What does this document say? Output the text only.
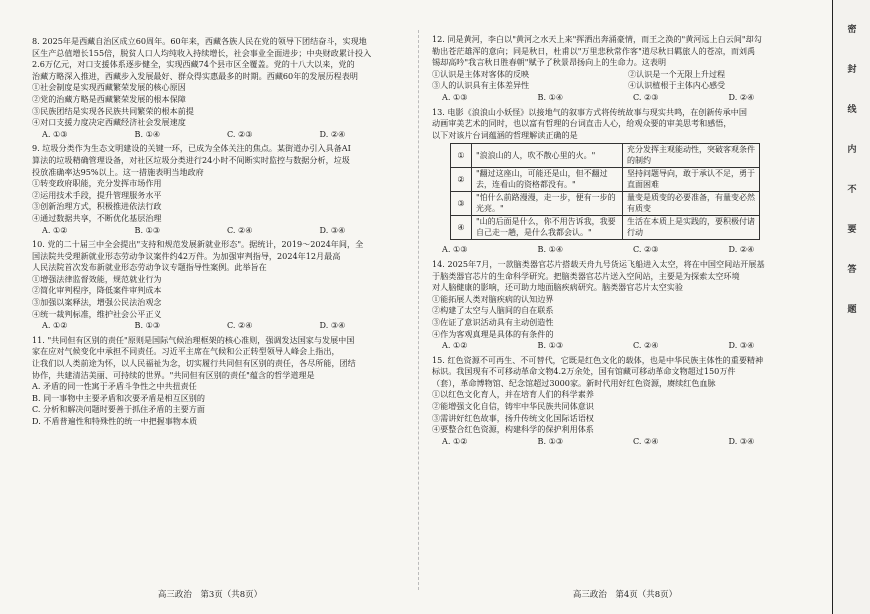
8. 2025年是西藏自治区成立60周年。60年来，西藏各族人民在党的领导下团结奋斗，实现地
区生产总值增长155倍，脱贫人口人均纯收入持续增长，社会事业全面进步；中央财政累计投入
2.6万亿元，对口支援体系逐步健全，实现西藏74个县市区全覆盖。党的十八大以来，党的
治藏方略深入推进，西藏步入发展最好、群众得实惠最多的时期。西藏60年的发展历程表明
①社会制度是实现西藏繁荣发展的核心原因
②党的治藏方略是西藏繁荣发展的根本保障
③民族团结是实现各民族共同繁荣的根本前提
④对口支援力度决定西藏经济社会发展速度
A. ①③	B. ①④	C. ②③	D. ②④
9. 垃圾分类作为生态文明建设的关键一环，已成为全体关注的焦点。某街道办引入具备AI
算法的垃圾精确管理设备，对社区垃圾分类进行24小时不间断实时监控与数据分析，垃圾
投放准确率达95%以上。这一措施表明当地政府
①转变政府职能，充分发挥市场作用
②运用技术手段，提升管理服务水平
③创新治理方式，积极推进依法行政
④通过数据共享，不断优化基层治理
A. ①②	B. ①③	C. ②④	D. ③④
10. 党的二十届三中全会提出"支持和规范发展新就业形态"。据统计，2019～2024年间，全
国法院共受理新就业形态劳动争议案件约42万件。为加强审判指导，2024年12月最高
人民法院首次发布新就业形态劳动争议专题指导性案例。此举旨在
①增强法律监督效能，规范就业行为
②简化审判程序，降低案件审判成本
③加强以案释法，增强公民法治观念
④统一裁判标准，维护社会公平正义
A. ①②	B. ①③	C. ②④	D. ③④
11. "共同但有区别的责任"原则是国际气候治理框架的核心准则，强调发达国家与发展中国
家在应对气候变化中承担不同责任。习近平主席在气候和公正转型领导人峰会上指出，
让我们以人类前途为怀，以人民福祉为念，切实履行共同但有区别的责任，各尽所能，团结
协作，共建清洁美丽、可持续的世界。"共同但有区别的责任"蕴含的哲学道理是
A. 矛盾的同一性寓于矛盾斗争性之中共扭责任
B. 同一事物中主要矛盾和次要矛盾是相互区别的
C. 分析和解决问题时要善于抓住矛盾的主要方面
D. 不盾普遍性和特殊性的统一中把握事物本质
高三政治　第3页（共8页）
12. 同是黄河，李白以"黄河之水天上来"挥洒出奔涌豪情，而王之涣的"黄河远上白云间"却勾
勒出苍茫雄浑的意向；同是秋日，杜甫以"万里悲秋常作客"道尽秋日羁旅人的苍凉，而刘禹
锡却高吟"我言秋日胜春朝"赋予了秋景昂扬向上的生命力。这表明
①认识是主体对客体的反映	②认识是一个无限上升过程
③人的认识具有主体差异性	④认识植根于主体内心感受
A. ①③	B. ①④	C. ②③	D. ②④
13. 电影《浪浪山小妖怪》以接地气的叙事方式将传统故事与现实共鸣，在创新传承中国
动画审美艺术的同时，也以富有哲理的台词直击人心，给观众要的审美思考和感悟，
以下对该片台词蕴涵的哲理解读正确的是
①	"浪浪山的人，吹不散心里的火。"	充分发挥主观能动性，突破客观条件的制约
②	"翻过这座山，可能还是山，但不翻过去，连看山的资格都没有。"	坚持问题导向，敢于承认不足，勇于直面困难
③	"怕什么前路漫漫，走一步，便有一步的光亮。"	量变是质变的必要准备，有量变必然有质变
④	"山的后面是什么，你不用告诉我，我要自己走一趟，是什么我都会认。"	生活在本质上是实践的，要积极付诸行动
A. ①③	B. ①④	C. ②③	D. ②④
14. 2025年7月，一款脑类器官芯片搭载天舟九号货运飞船进入太空，将在中国空间站开展基
于脑类器官芯片的生命科学研究。把脑类器官芯片送入空间站，主要是为探索太空环境
对人脑健康的影响，还可助力地面脑疾病研究。脑类器官芯片太空实验
①能拓展人类对脑疾病的认知边界
②构建了太空与人脑间的自在联系
③佐证了意识活动具有主动创造性
④作为客观真理是具体的有条件的
A. ①②	B. ①③	C. ②④	D. ③④
15. 红色资源不可再生、不可替代，它既是红色文化的载体，也是中华民族主体性的重要精神
标识。我国现有不可移动革命文物4.2万余处，国有馆藏可移动革命文物超过150万件
（套），革命博物馆、纪念馆超过3000家。新时代用好红色资源，赓续红色血脉
①以红色文化育人，并在培育人们的科学素养
②能增强文化自信，铸牢中华民族共同体意识
③需讲好红色故事，扬升传统文化国际话语权
④要整合红色资源，构建科学的保护利用体系
A. ①②	B. ①③	C. ②④	D. ③④
高三政治　第4页（共8页）
密
封
线
内
不
要
答
题
